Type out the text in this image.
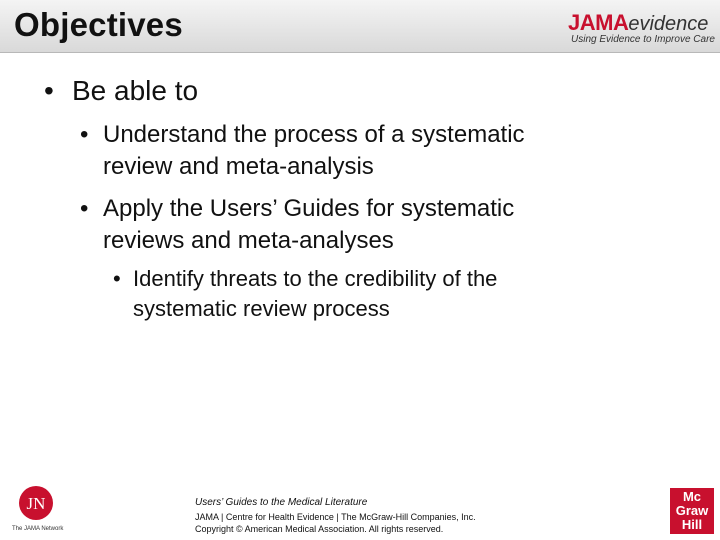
Objectives	JAMAevidence
Using Evidence to Improve Care
• Be able to
• Understand the process of a systematic
review and meta-analysis
• Apply the Users’ Guides for systematic
reviews and meta-analyses
• Identify threats to the credibility of the
systematic review process
JN
The JAMA Network
Users’ Guides to the Medical Literature
JAMA | Centre for Health Evidence | The McGraw-Hill Companies, Inc.
Copyright © American Medical Association. All rights reserved.
Mc
Graw
Hill
